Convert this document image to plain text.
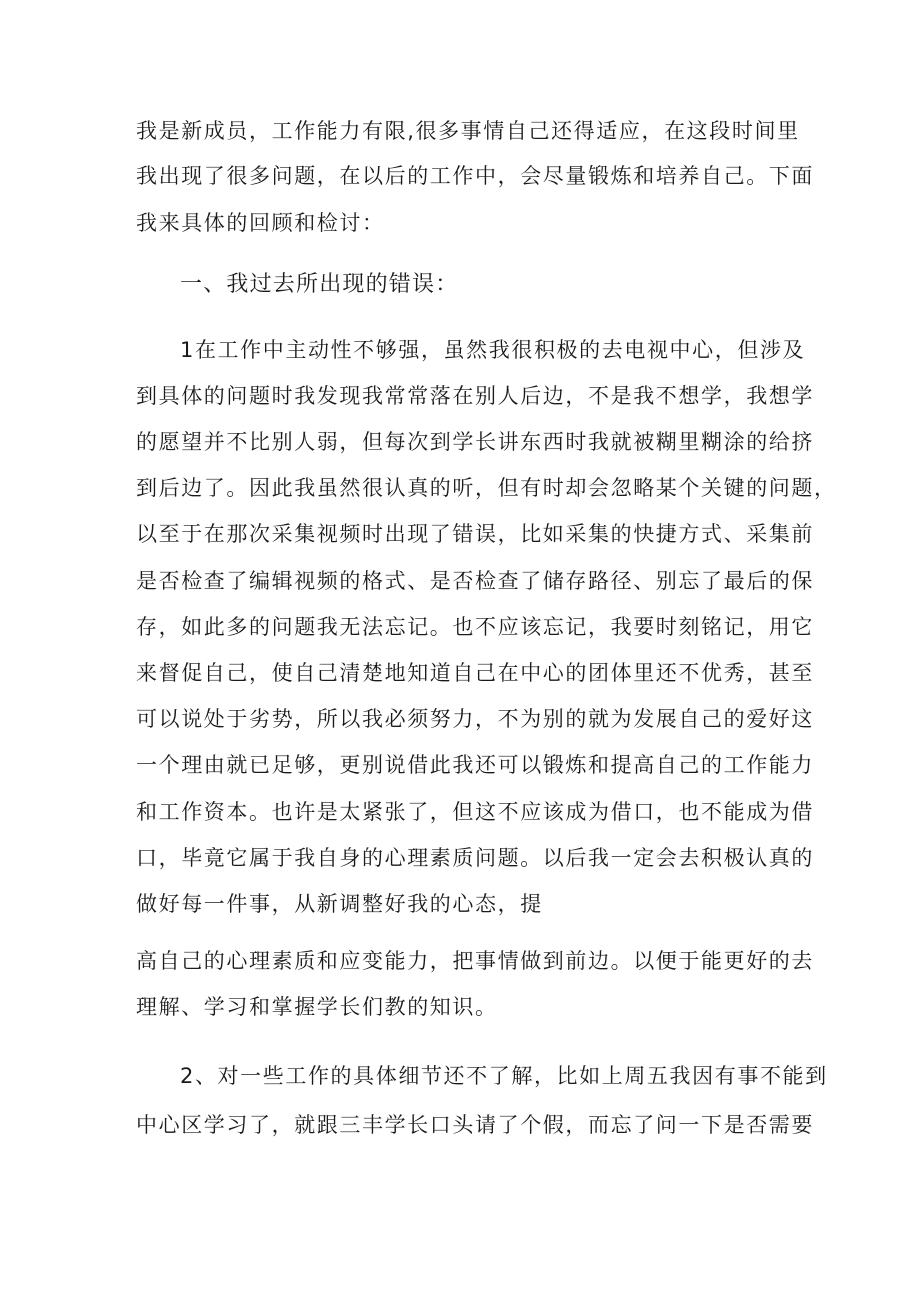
我是新成员，工作能力有限,很多事情自己还得适应，在这段时间里
我出现了很多问题，在以后的工作中，会尽量锻炼和培养自己。下面
我来具体的回顾和检讨：
一、我过去所出现的错误：
1在工作中主动性不够强，虽然我很积极的去电视中心，但涉及
到具体的问题时我发现我常常落在别人后边，不是我不想学，我想学
的愿望并不比别人弱，但每次到学长讲东西时我就被糊里糊涂的给挤
到后边了。因此我虽然很认真的听，但有时却会忽略某个关键的问题，
以至于在那次采集视频时出现了错误，比如采集的快捷方式、采集前
是否检查了编辑视频的格式、是否检查了储存路径、别忘了最后的保
存，如此多的问题我无法忘记。也不应该忘记，我要时刻铭记，用它
来督促自己，使自己清楚地知道自己在中心的团体里还不优秀，甚至
可以说处于劣势，所以我必须努力，不为别的就为发展自己的爱好这
一个理由就已足够，更别说借此我还可以锻炼和提高自己的工作能力
和工作资本。也许是太紧张了，但这不应该成为借口，也不能成为借
口，毕竟它属于我自身的心理素质问题。以后我一定会去积极认真的
做好每一件事，从新调整好我的心态，提
高自己的心理素质和应变能力，把事情做到前边。以便于能更好的去
理解、学习和掌握学长们教的知识。
2、对一些工作的具体细节还不了解，比如上周五我因有事不能到
中心区学习了，就跟三丰学长口头请了个假，而忘了问一下是否需要
